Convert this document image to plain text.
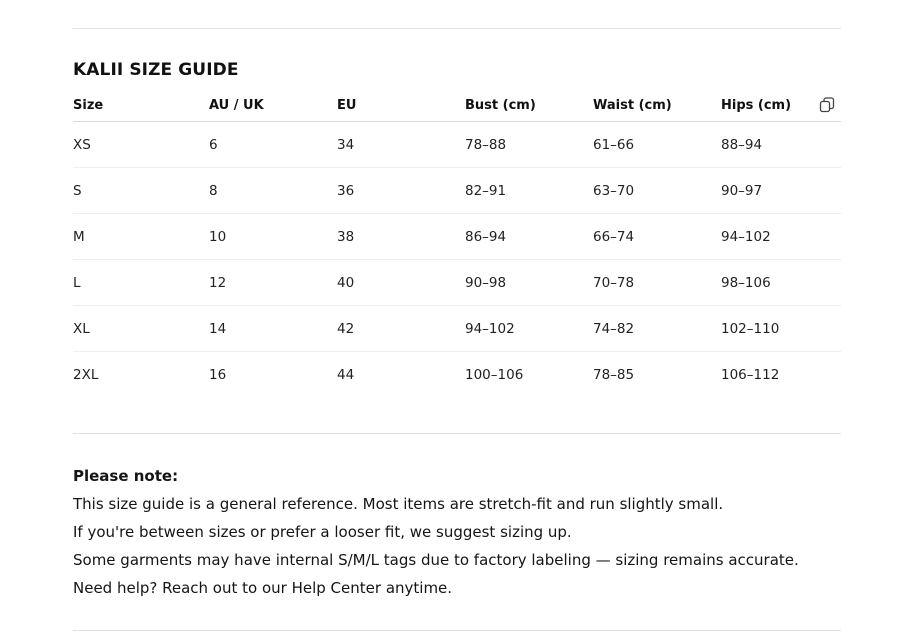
KALII SIZE GUIDE
Size	AU / UK	EU	Bust (cm)	Waist (cm)	Hips (cm)
XS	6	34	78–88	61–66	88–94
S	8	36	82–91	63–70	90–97
M	10	38	86–94	66–74	94–102
L	12	40	90–98	70–78	98–106
XL	14	42	94–102	74–82	102–110
2XL	16	44	100–106	78–85	106–112

Please note:

This size guide is a general reference. Most items are stretch-fit and run slightly small.

If you're between sizes or prefer a looser fit, we suggest sizing up.

Some garments may have internal S/M/L tags due to factory labeling — sizing remains accurate.

Need help? Reach out to our Help Center anytime.
